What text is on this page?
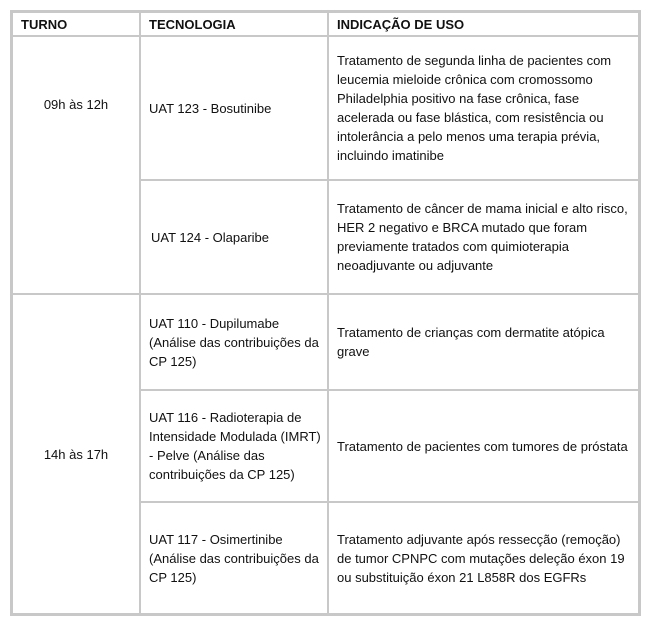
TURNO	TECNOLOGIA	INDICAÇÃO DE USO
09h às 12h	UAT 123 - Bosutinibe	Tratamento de segunda linha de pacientes com leucemia mieloide crônica com cromossomo Philadelphia positivo na fase crônica, fase acelerada ou fase blástica, com resistência ou intolerância a pelo menos uma terapia prévia, incluindo imatinibe
	UAT 124 - Olaparibe	Tratamento de câncer de mama inicial e alto risco, HER 2 negativo e BRCA mutado que foram previamente tratados com quimioterapia neoadjuvante ou adjuvante
14h às 17h	UAT 110 - Dupilumabe (Análise das contribuições da CP 125)	Tratamento de crianças com dermatite atópica grave
	UAT 116 - Radioterapia de Intensidade Modulada (IMRT) - Pelve (Análise das contribuições da CP 125)	Tratamento de pacientes com tumores de próstata
	UAT 117 - Osimertinibe (Análise das contribuições da CP 125)	Tratamento adjuvante após ressecção (remoção) de tumor CPNPC com mutações deleção éxon 19 ou substituição éxon 21 L858R dos EGFRs
